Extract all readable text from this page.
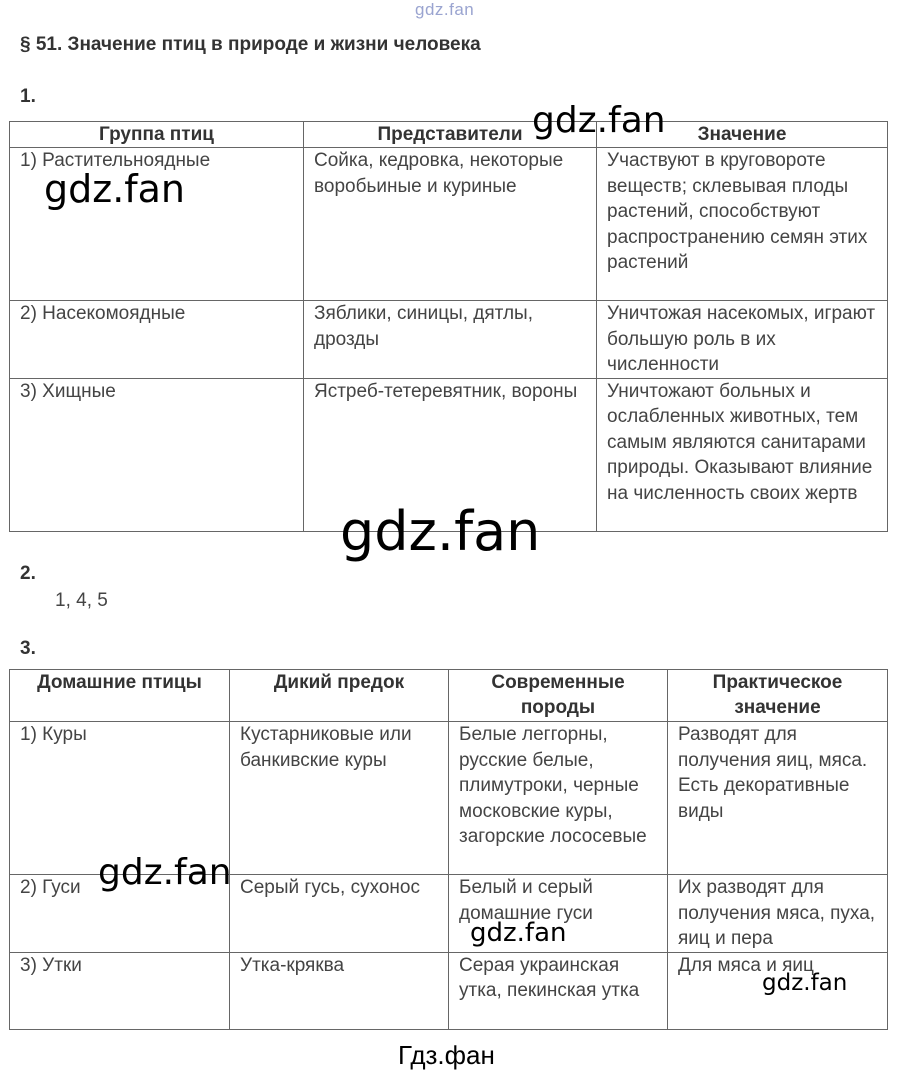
gdz.fan
§ 51. Значение птиц в природе и жизни человека
1.
Группа птиц	Представители	Значение
1) Растительноядные	Сойка, кедровка, некоторые воробьиные и куриные	Участвуют в круговороте веществ; склевывая плоды растений, способствуют распространению семян этих растений
2) Насекомоядные	Зяблики, синицы, дятлы, дрозды	Уничтожая насекомых, играют большую роль в их численности
3) Хищные	Ястреб-тетеревятник, вороны	Уничтожают больных и ослабленных животных, тем самым являются санитарами природы. Оказывают влияние на численность своих жертв
2.
1, 4, 5
3.
Домашние птицы	Дикий предок	Современные породы	Практическое значение
1) Куры	Кустарниковые или банкивские куры	Белые леггорны, русские белые, плимутроки, черные московские куры, загорские лососевые	Разводят для получения яиц, мяса. Есть декоративные виды
2) Гуси	Серый гусь, сухонос	Белый и серый домашние гуси	Их разводят для получения мяса, пуха, яиц и пера
3) Утки	Утка-кряква	Серая украинская утка, пекинская утка	Для мяса и яиц
gdz.fan
gdz.fan
gdz.fan
gdz.fan
gdz.fan
gdz.fan
Гдз.фан
